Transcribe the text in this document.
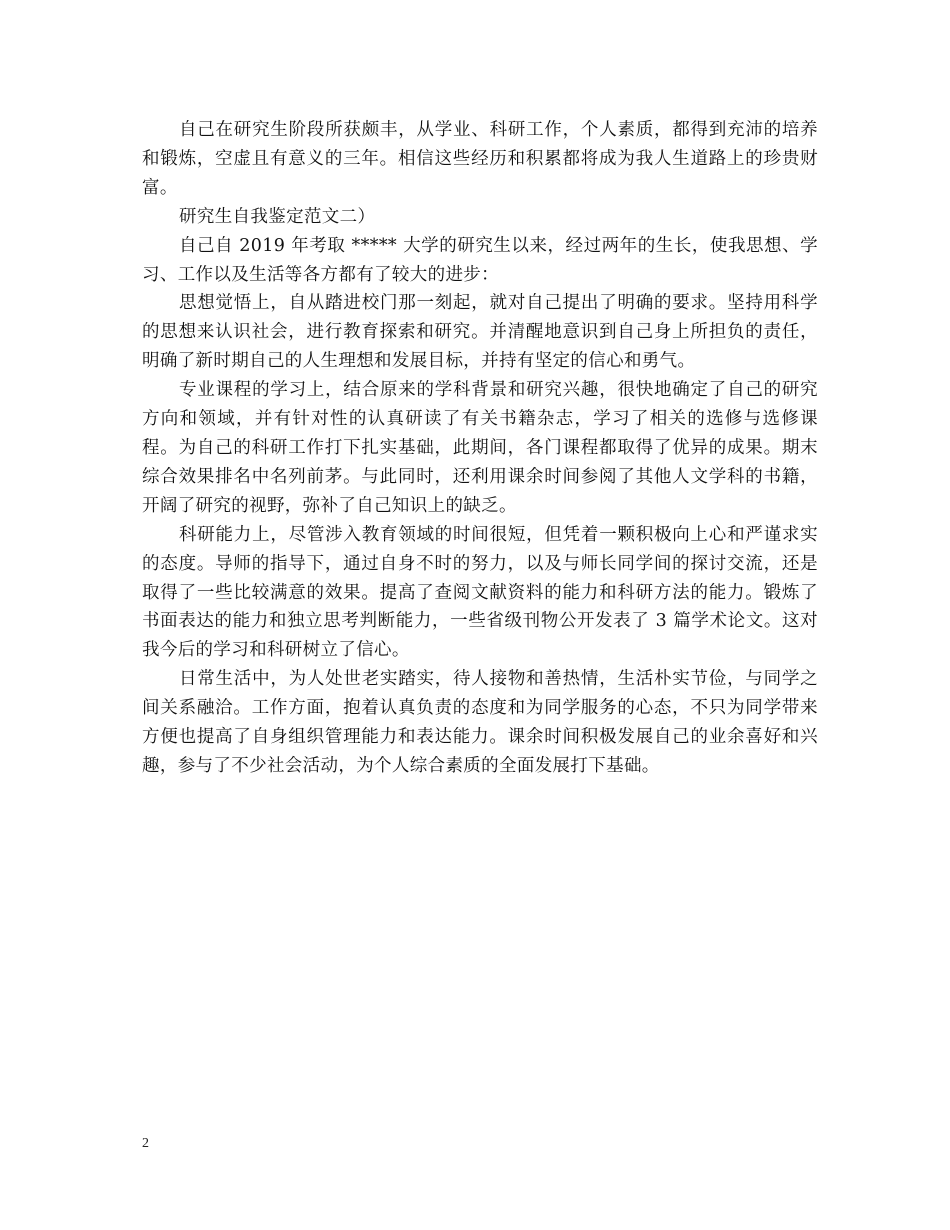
自己在研究生阶段所获颇丰，从学业、科研工作，个人素质，都得到充沛的培养和锻炼，空虚且有意义的三年。相信这些经历和积累都将成为我人生道路上的珍贵财富。

研究生自我鉴定范文二）

自己自 2019 年考取 ***** 大学的研究生以来，经过两年的生长，使我思想、学习、工作以及生活等各方都有了较大的进步：

思想觉悟上，自从踏进校门那一刻起，就对自己提出了明确的要求。坚持用科学的思想来认识社会，进行教育探索和研究。并清醒地意识到自己身上所担负的责任，明确了新时期自己的人生理想和发展目标，并持有坚定的信心和勇气。

专业课程的学习上，结合原来的学科背景和研究兴趣，很快地确定了自己的研究方向和领域，并有针对性的认真研读了有关书籍杂志，学习了相关的选修与选修课程。为自己的科研工作打下扎实基础，此期间，各门课程都取得了优异的成果。期末综合效果排名中名列前茅。与此同时，还利用课余时间参阅了其他人文学科的书籍，开阔了研究的视野，弥补了自己知识上的缺乏。

科研能力上，尽管涉入教育领域的时间很短，但凭着一颗积极向上心和严谨求实的态度。导师的指导下，通过自身不时的努力，以及与师长同学间的探讨交流，还是取得了一些比较满意的效果。提高了查阅文献资料的能力和科研方法的能力。锻炼了书面表达的能力和独立思考判断能力，一些省级刊物公开发表了 3 篇学术论文。这对我今后的学习和科研树立了信心。

日常生活中，为人处世老实踏实，待人接物和善热情，生活朴实节俭，与同学之间关系融洽。工作方面，抱着认真负责的态度和为同学服务的心态，不只为同学带来方便也提高了自身组织管理能力和表达能力。课余时间积极发展自己的业余喜好和兴趣，参与了不少社会活动，为个人综合素质的全面发展打下基础。

2
